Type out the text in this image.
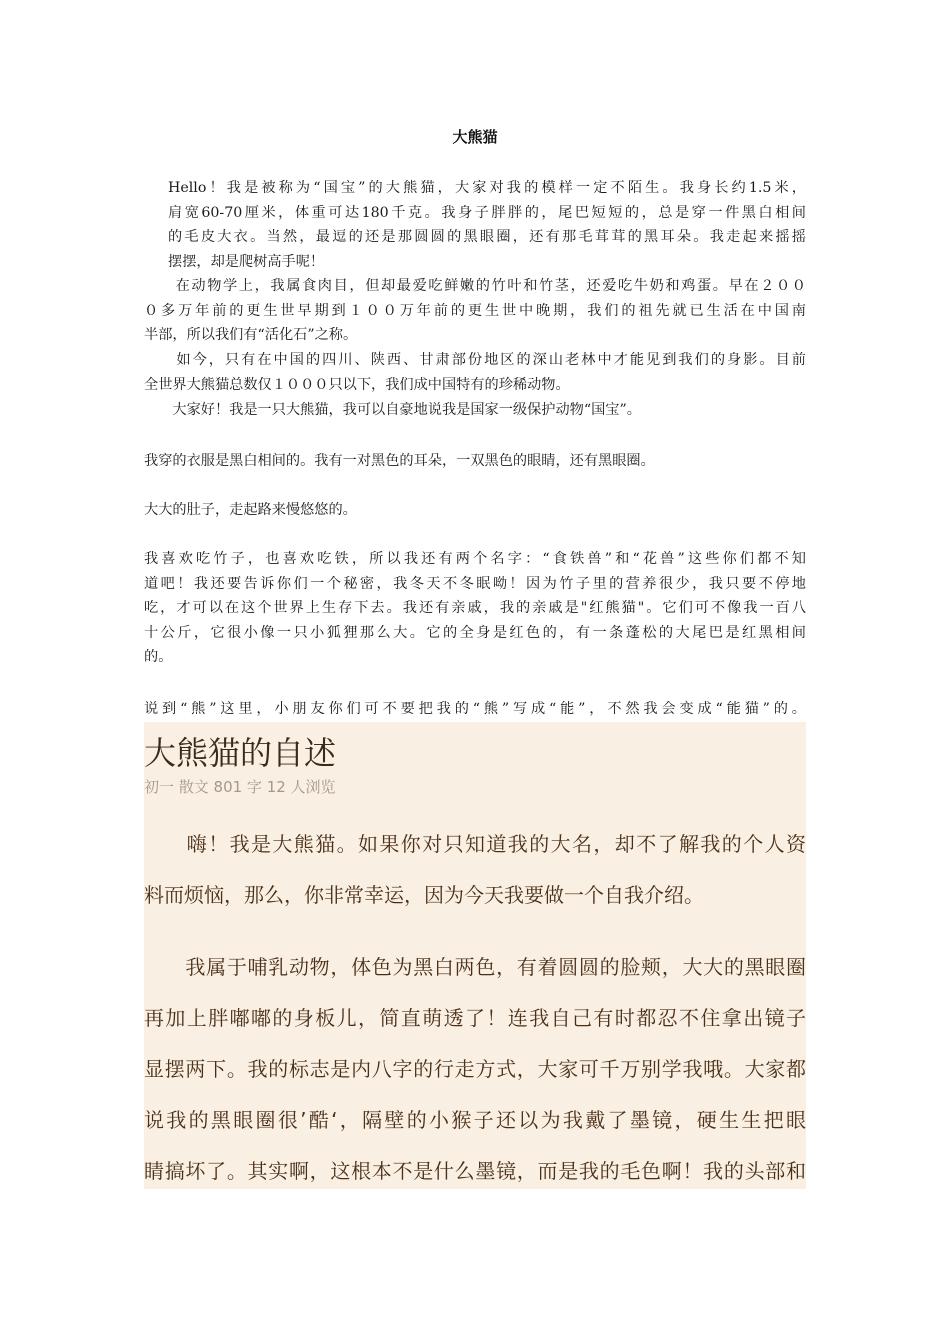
大熊猫
Hello！我是被称为“国宝”的大熊猫，大家对我的模样一定不陌生。我身长约1.5米，
肩宽60-70厘米，体重可达180千克。我身子胖胖的，尾巴短短的，总是穿一件黑白相间
的毛皮大衣。当然，最逗的还是那圆圆的黑眼圈，还有那毛茸茸的黑耳朵。我走起来摇摇
摆摆，却是爬树高手呢！
　　在动物学上，我属食肉目，但却最爱吃鲜嫩的竹叶和竹茎，还爱吃牛奶和鸡蛋。早在２００
０多万年前的更生世早期到１００万年前的更生世中晚期，我们的祖先就已生活在中国南
半部，所以我们有“活化石”之称。
　　如今，只有在中国的四川、陕西、甘肃部份地区的深山老林中才能见到我们的身影。目前
全世界大熊猫总数仅１０００只以下，我们成中国特有的珍稀动物。
　　大家好！我是一只大熊猫，我可以自豪地说我是国家一级保护动物“国宝”。
我穿的衣服是黑白相间的。我有一对黑色的耳朵，一双黑色的眼睛，还有黑眼圈。
大大的肚子，走起路来慢悠悠的。
我喜欢吃竹子，也喜欢吃铁，所以我还有两个名字：“食铁兽”和“花兽”这些你们都不知
道吧！我还要告诉你们一个秘密，我冬天不冬眠呦！因为竹子里的营养很少，我只要不停地
吃，才可以在这个世界上生存下去。我还有亲戚，我的亲戚是"红熊猫"。它们可不像我一百八
十公斤，它很小像一只小狐狸那么大。它的全身是红色的，有一条蓬松的大尾巴是红黑相间
的。
说到“熊”这里，小朋友你们可不要把我的“熊”写成“能”，不然我会变成“能猫”的。
大熊猫的自述
初一 散文 801 字 12 人浏览
　　嗨！我是大熊猫。如果你对只知道我的大名，却不了解我的个人资
料而烦恼，那么，你非常幸运，因为今天我要做一个自我介绍。
　　我属于哺乳动物，体色为黑白两色，有着圆圆的脸颊，大大的黑眼圈
再加上胖嘟嘟的身板儿，简直萌透了！连我自己有时都忍不住拿出镜子
显摆两下。我的标志是内八字的行走方式，大家可千万别学我哦。大家都
说我的黑眼圈很’酷‘，隔壁的小猴子还以为我戴了墨镜，硬生生把眼
睛搞坏了。其实啊，这根本不是什么墨镜，而是我的毛色啊！我的头部和
